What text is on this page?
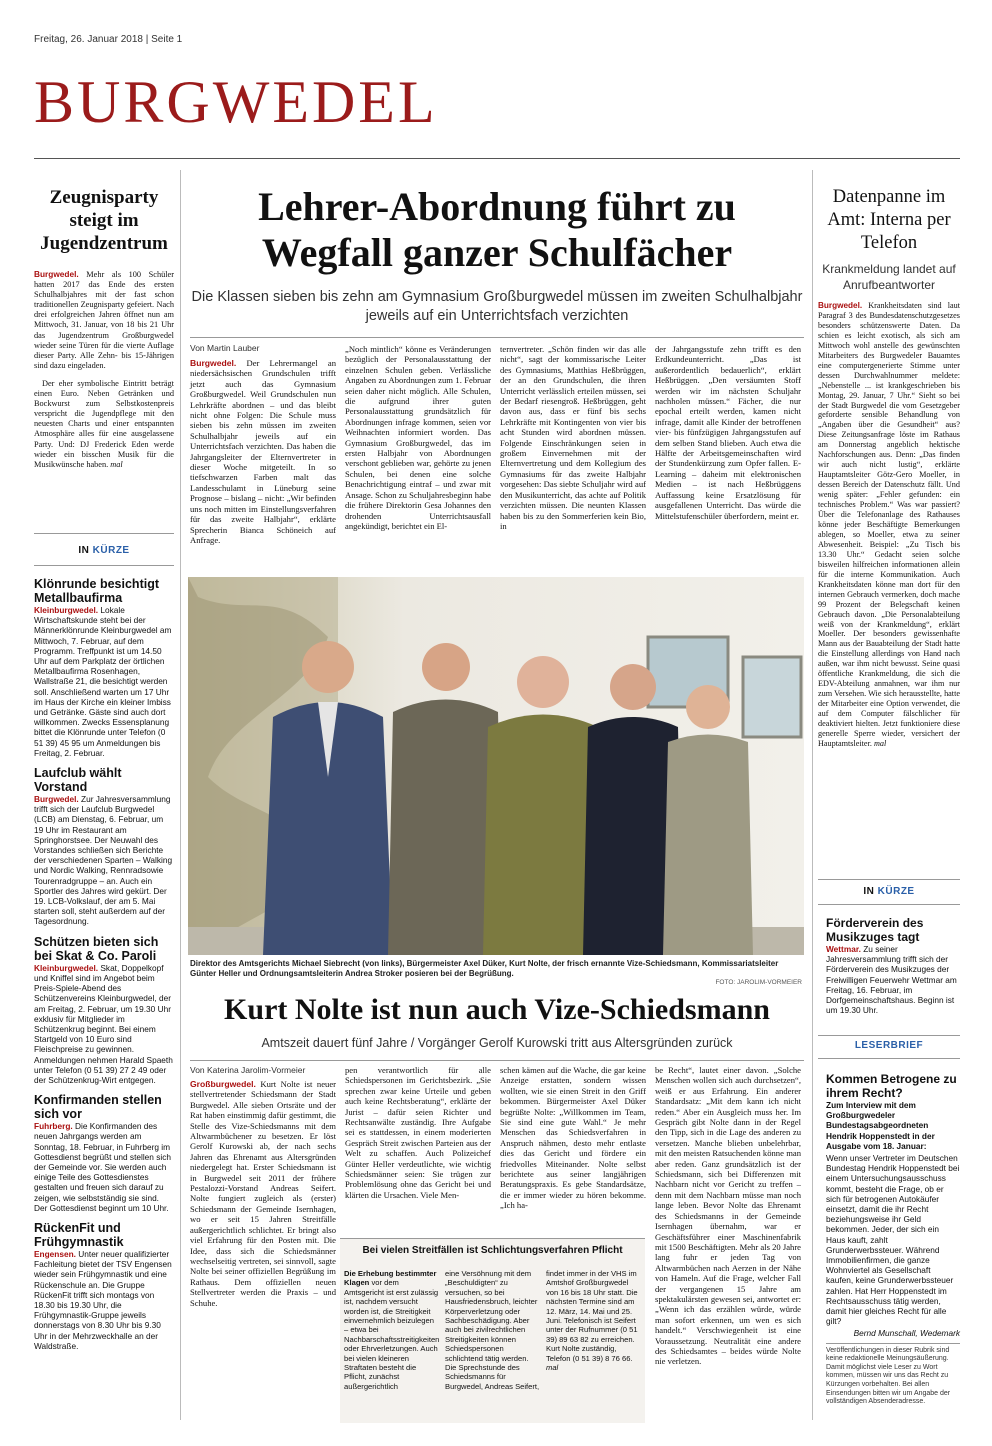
Freitag, 26. Januar 2018 | Seite 1
BURGWEDEL
Zeugnisparty steigt im Jugendzentrum

Burgwedel. Mehr als 100 Schüler hatten 2017 das Ende des ersten Schulhalbjahres mit der fast schon traditionellen Zeugnisparty gefeiert. Nach drei erfolgreichen Jahren öffnet nun am Mittwoch, 31. Januar, von 18 bis 21 Uhr das Jugendzentrum Großburgwedel wieder seine Türen für die vierte Auflage dieser Party. Alle Zehn- bis 15-Jährigen sind dazu eingeladen.

Der eher symbolische Eintritt beträgt einen Euro. Neben Getränken und Bockwurst zum Selbstkostenpreis verspricht die Jugendpflege mit den neuesten Charts und einer entspannten Atmosphäre alles für eine ausgelassene Party. Und: DJ Frederick Eden werde wieder ein bisschen Musik für die Musikwünsche haben. mal

IN KÜRZE

Klönrunde besichtigt Metallbaufirma

Kleinburgwedel. Lokale Wirtschaftskunde steht bei der Männerklönrunde Kleinburgwedel am Mittwoch, 7. Februar, auf dem Programm. Treffpunkt ist um 14.50 Uhr auf dem Parkplatz der örtlichen Metallbaufirma Rosenhagen, Wallstraße 21, die besichtigt werden soll. Anschließend warten um 17 Uhr im Haus der Kirche ein kleiner Imbiss und Getränke. Gäste sind auch dort willkommen. Zwecks Essensplanung bittet die Klönrunde unter Telefon (0 51 39) 45 95 um Anmeldungen bis Freitag, 2. Februar.

Laufclub wählt Vorstand

Burgwedel. Zur Jahresversammlung trifft sich der Laufclub Burgwedel (LCB) am Dienstag, 6. Februar, um 19 Uhr im Restaurant am Springhorstsee. Der Neuwahl des Vorstandes schließen sich Berichte der verschiedenen Sparten – Walking und Nordic Walking, Rennradsowie Tourenradgruppe – an. Auch ein Sportler des Jahres wird gekürt. Der 19. LCB-Volkslauf, der am 5. Mai starten soll, steht außerdem auf der Tagesordnung.

Schützen bieten sich bei Skat & Co. Paroli

Kleinburgwedel. Skat, Doppelkopf und Kniffel sind im Angebot beim Preis-Spiele-Abend des Schützenvereins Kleinburgwedel, der am Freitag, 2. Februar, um 19.30 Uhr exklusiv für Mitglieder im Schützenkrug beginnt. Bei einem Startgeld von 10 Euro sind Fleischpreise zu gewinnen. Anmeldungen nehmen Harald Spaeth unter Telefon (0 51 39) 27 2 49 oder der Schützenkrug-Wirt entgegen.

Konfirmanden stellen sich vor

Fuhrberg. Die Konfirmanden des neuen Jahrgangs werden am Sonntag, 18. Februar, in Fuhrberg im Gottesdienst begrüßt und stellen sich der Gemeinde vor. Sie werden auch einige Teile des Gottesdienstes gestalten und freuen sich darauf zu zeigen, wie selbstständig sie sind. Der Gottesdienst beginnt um 10 Uhr.

RückenFit und Frühgymnastik

Engensen. Unter neuer qualifizierter Fachleitung bietet der TSV Engensen wieder sein Frühgymnastik und eine Rückenschule an. Die Gruppe RückenFit trifft sich montags von 18.30 bis 19.30 Uhr, die Frühgymnastik-Gruppe jeweils donnerstags von 8.30 Uhr bis 9.30 Uhr in der Mehrzweckhalle an der Waldstraße.

Lehrer-Abordnung führt zu
Wegfall ganzer Schulfächer
Die Klassen sieben bis zehn am Gymnasium Großburgwedel müssen im zweiten Schulhalbjahr jeweils auf ein Unterrichtsfach verzichten
Von Martin Lauber

Burgwedel. Der Lehrermangel an niedersächsischen Grundschulen trifft jetzt auch das Gymnasium Großburgwedel. Weil Grundschulen nun Lehrkräfte abordnen – und das bleibt nicht ohne Folgen: Die Schule muss sieben bis zehn müssen im zweiten Schulhalbjahr jeweils auf ein Unterrichtsfach verzichten. Das haben die Jahrgangsleiter der Elternvertreter in dieser Woche mitgeteilt. In so tiefschwarzen Farben malt das Landesschulamt in Lüneburg seine Prognose – bislang – nicht: „Wir befinden uns noch mitten im Einstellungsverfahren für das zweite Halbjahr“, erklärte Sprecherin Bianca Schöneich auf Anfrage.

„Noch mintlich“ könne es Veränderungen bezüglich der Personalausstattung der einzelnen Schulen geben. Verlässliche Angaben zu Abordnungen zum 1. Februar seien daher nicht möglich. Alle Schulen, die aufgrund ihrer guten Personalausstattung grundsätzlich für Abordnungen infrage kommen, seien vor Weihnachten informiert worden. Das Gymnasium Großburgwedel, das im ersten Halbjahr von Abordnungen verschont geblieben war, gehörte zu jenen Schulen, bei denen eine solche Benachrichtigung eintraf – und zwar mit Ansage. Schon zu Schuljahresbeginn habe die frühere Direktorin Gesa Johannes den drohenden Unterrichtsausfall angekündigt, berichtet ein El-

ternvertreter. „Schön finden wir das alle nicht“, sagt der kommissarische Leiter des Gymnasiums, Matthias Heßbrüggen, der an den Grundschulen, die ihren Unterricht verlässlich erteilen müssen, sei der Bedarf riesengroß. Heßbrüggen, geht davon aus, dass er fünf bis sechs Lehrkräfte mit Kontingenten von vier bis acht Stunden wird abordnen müssen. Folgende Einschränkungen seien in großem Einvernehmen mit der Elternvertretung und dem Kollegium des Gymnasiums für das zweite Halbjahr vorgesehen: Das siebte Schuljahr wird auf den Musikunterricht, das achte auf Politik verzichten müssen. Die neunten Klassen haben bis zu den Sommerferien kein Bio, in

der Jahrgangsstufe zehn trifft es den Erdkundeunterricht. „Das ist außerordentlich bedauerlich“, erklärt Heßbrüggen. „Den versäumten Stoff werden wir im nächsten Schuljahr nachholen müssen.“ Fächer, die nur epochal erteilt werden, kamen nicht infrage, damit alle Kinder der betroffenen vier- bis fünfzügigen Jahrgangsstufen auf dem selben Stand blieben. Auch etwa die Hälfte der Arbeitsgemeinschaften wird der Stundenkürzung zum Opfer fallen. E-Learning – daheim mit elektronischen Medien – ist nach Heßbrüggens Auffassung keine Ersatzlösung für ausgefallenen Unterricht. Das würde die Mittelstufenschüler überfordern, meint er.

Direktor des Amtsgerichts Michael Siebrecht (von links), Bürgermeister Axel Düker, Kurt Nolte, der frisch ernannte Vize-Schiedsmann, Kommissariatsleiter Günter Heller und Ordnungsamtsleiterin Andrea Stroker posieren bei der Begrüßung.
FOTO: JAROLIM-VORMEIER
Kurt Nolte ist nun auch Vize-Schiedsmann
Amtszeit dauert fünf Jahre / Vorgänger Gerolf Kurowski tritt aus Altersgründen zurück
Von Katerina Jarolim-Vormeier

Großburgwedel. Kurt Nolte ist neuer stellvertretender Schiedsmann der Stadt Burgwedel. Alle sieben Ortsräte und der Rat haben einstimmig dafür gestimmt, die Stelle des Vize-Schiedsmanns mit dem Altwarmbüchener zu besetzen. Er löst Gerolf Kurowski ab, der nach sechs Jahren das Ehrenamt aus Altersgründen niedergelegt hat. Erster Schiedsmann ist in Burgwedel seit 2011 der frühere Pestalozzi-Vorstand Andreas Seifert. Nolte fungiert zugleich als (erster) Schiedsmann der Gemeinde Isernhagen, wo er seit 15 Jahren Streitfälle außergerichtlich schlichtet. Er bringt also viel Erfahrung für den Posten mit. Die Idee, dass sich die Schiedsmänner wechselseitig vertreten, sei sinnvoll, sagte Nolte bei seiner offiziellen Begrüßung im Rathaus. Dem offiziellen neuen Stellvertreter werden die Praxis – und Schuhe.

pen verantwortlich für alle Schiedspersonen im Gerichtsbezirk. „Sie sprechen zwar keine Urteile und geben auch keine Rechtsberatung“, erklärte der Jurist – dafür seien Richter und Rechtsanwälte zuständig. Ihre Aufgabe sei es stattdessen, in einem moderierten Gespräch Streit zwischen Parteien aus der Welt zu schaffen. Auch Polizeichef Günter Heller verdeutlichte, wie wichtig Schiedsmänner seien: Sie trügen zur Problemlösung ohne das Gericht bei und klärten die Ursachen. Viele Men-

schen kämen auf die Wache, die gar keine Anzeige erstatten, sondern wissen wollten, wie sie einen Streit in den Griff bekommen. Bürgermeister Axel Düker begrüßte Nolte: „Willkommen im Team, Sie sind eine gute Wahl.“ Je mehr Menschen das Schiedsverfahren in Anspruch nähmen, desto mehr entlaste dies das Gericht und fördere ein friedvolles Miteinander. Nolte selbst berichtete aus seiner langjährigen Beratungspraxis. Es gebe Standardsätze, die er immer wieder zu hören bekomme. „Ich ha-

be Recht“, lautet einer davon. „Solche Menschen wollen sich auch durchsetzen“, weiß er aus Erfahrung. Ein anderer Standardsatz: „Mit dem kann ich nicht reden.“ Aber ein Ausgleich muss her. Im Gespräch gibt Nolte dann in der Regel den Tipp, sich in die Lage des anderen zu versetzen. Manche blieben unbelehrbar, mit den meisten Ratsuchenden könne man aber reden. Ganz grundsätzlich ist der Schiedsmann, sich bei Differenzen mit Nachbarn nicht vor Gericht zu treffen – denn mit dem Nachbarn müsse man noch lange leben. Bevor Nolte das Ehrenamt des Schiedsmanns in der Gemeinde Isernhagen übernahm, war er Geschäftsführer einer Maschinenfabrik mit 1500 Beschäftigten. Mehr als 20 Jahre lang fuhr er jeden Tag von Altwarmbüchen nach Aerzen in der Nähe von Hameln. Auf die Frage, welcher Fall der vergangenen 15 Jahre am spektakulärsten gewesen sei, antwortet er: „Wenn ich das erzählen würde, würde man sofort erkennen, um wen es sich handelt.“ Verschwiegenheit ist eine Voraussetzung. Neutralität eine andere des Schiedsamtes – beides würde Nolte nie verletzen.

Bei vielen Streitfällen ist Schlichtungsverfahren Pflicht
Die Erhebung bestimmter Klagen vor dem Amtsgericht ist erst zulässig ist, nachdem versucht worden ist, die Streitigkeit einvernehmlich beizulegen – etwa bei Nachbarschaftsstreitigkeiten oder Ehrverletzungen. Auch bei vielen kleineren Straftaten besteht die Pflicht, zunächst außergerichtlich
eine Versöhnung mit dem „Beschuldigten“ zu versuchen, so bei Hausfriedensbruch, leichter Körperverletzung oder Sachbeschädigung. Aber auch bei zivilrechtlichen Streitigkeiten können Schiedspersonen schlichtend tätig werden. Die Sprechstunde des Schiedsmanns für Burgwedel, Andreas Seifert,
findet immer in der VHS im Amtshof Großburgwedel von 16 bis 18 Uhr statt. Die nächsten Termine sind am 12. März, 14. Mai und 25. Juni. Telefonisch ist Seifert unter der Rufnummer (0 51 39) 89 63 82 zu erreichen. Kurt Nolte zuständig, Telefon (0 51 39) 8 76 66. mal
Datenpanne im Amt: Interna per Telefon
Krankmeldung landet auf Anrufbeantworter

Burgwedel. Krankheitsdaten sind laut Paragraf 3 des Bundesdatenschutzgesetzes besonders schützenswerte Daten. Da schien es leicht exotisch, als sich am Mittwoch wohl anstelle des gewünschten Mitarbeiters des Burgwedeler Bauamtes eine computergenerierte Stimme unter dessen Durchwahlnummer meldete: „Nebenstelle ... ist krankgeschrieben bis Montag, 29. Januar, 7 Uhr.“ Sieht so bei der Stadt Burgwedel die vom Gesetzgeber geforderte sensible Behandlung von „Angaben über die Gesundheit“ aus? Diese Zeitungsanfrage löste im Rathaus am Donnerstag angeblich hektische Nachforschungen aus. Denn: „Das finden wir auch nicht lustig“, erklärte Hauptamtsleiter Götz-Gero Moeller, in dessen Bereich der Datenschutz fällt. Und wenig später: „Fehler gefunden: ein technisches Problem.“ Was war passiert? Über die Telefonanlage des Rathauses könne jeder Beschäftigte Bemerkungen ablegen, so Moeller, etwa zu seiner Abwesenheit. Beispiel: „Zu Tisch bis 13.30 Uhr.“ Gedacht seien solche bisweilen hilfreichen informationen allein für die interne Kommunikation. Auch Krankheitsdaten könne man dort für den internen Gebrauch vermerken, doch mache 99 Prozent der Belegschaft keinen Gebrauch davon. „Die Personalabteilung weiß von der Krankmeldung“, erklärt Moeller. Der besonders gewissenhafte Mann aus der Bauabteilung der Stadt hatte die Einstellung allerdings von Hand nach außen, war ihm nicht bewusst. Seine quasi öffentliche Krankmeldung, die sich die EDV-Abteilung anmahnen, war ihm nur zum Versehen. Wie sich herausstellte, hatte der Mitarbeiter eine Option verwendet, die auf dem Computer fälschlicher für deaktiviert hielten. Jetzt funktioniere diese generelle Sperre wieder, versichert der Hauptamtsleiter. mal

IN KÜRZE

Förderverein des Musikzuges tagt

Wettmar. Zu seiner Jahresversammlung trifft sich der Förderverein des Musikzuges der Freiwilligen Feuerwehr Wettmar am Freitag, 16. Februar, im Dorfgemeinschaftshaus. Beginn ist um 19.30 Uhr.

LESERBRIEF

Kommen Betrogene zu ihrem Recht?

Zum Interview mit dem Großburgwedeler Bundestagsabgeordneten Hendrik Hoppenstedt in der Ausgabe vom 18. Januar:

Wenn unser Vertreter im Deutschen Bundestag Hendrik Hoppenstedt bei einem Untersuchungsausschuss kommt, besteht die Frage, ob er sich für betrogenen Autokäufer einsetzt, damit die ihr Recht beziehungsweise ihr Geld bekommen. Jeder, der sich ein Haus kauft, zahlt Grunderwerbssteuer. Während Immobilienfirmen, die ganze Wohnviertel als Gesellschaft kaufen, keine Grunderwerbssteuer zahlen. Hat Herr Hoppenstedt im Rechtsausschuss tätig werden, damit hier gleiches Recht für alle gilt?

Bernd Munschall, Wedemark

Veröffentlichungen in dieser Rubrik sind keine redaktionelle Meinungsäußerung. Damit möglichst viele Leser zu Wort kommen, müssen wir uns das Recht zu Kürzungen vorbehalten. Bei allen Einsendungen bitten wir um Angabe der vollständigen Absenderadresse.
